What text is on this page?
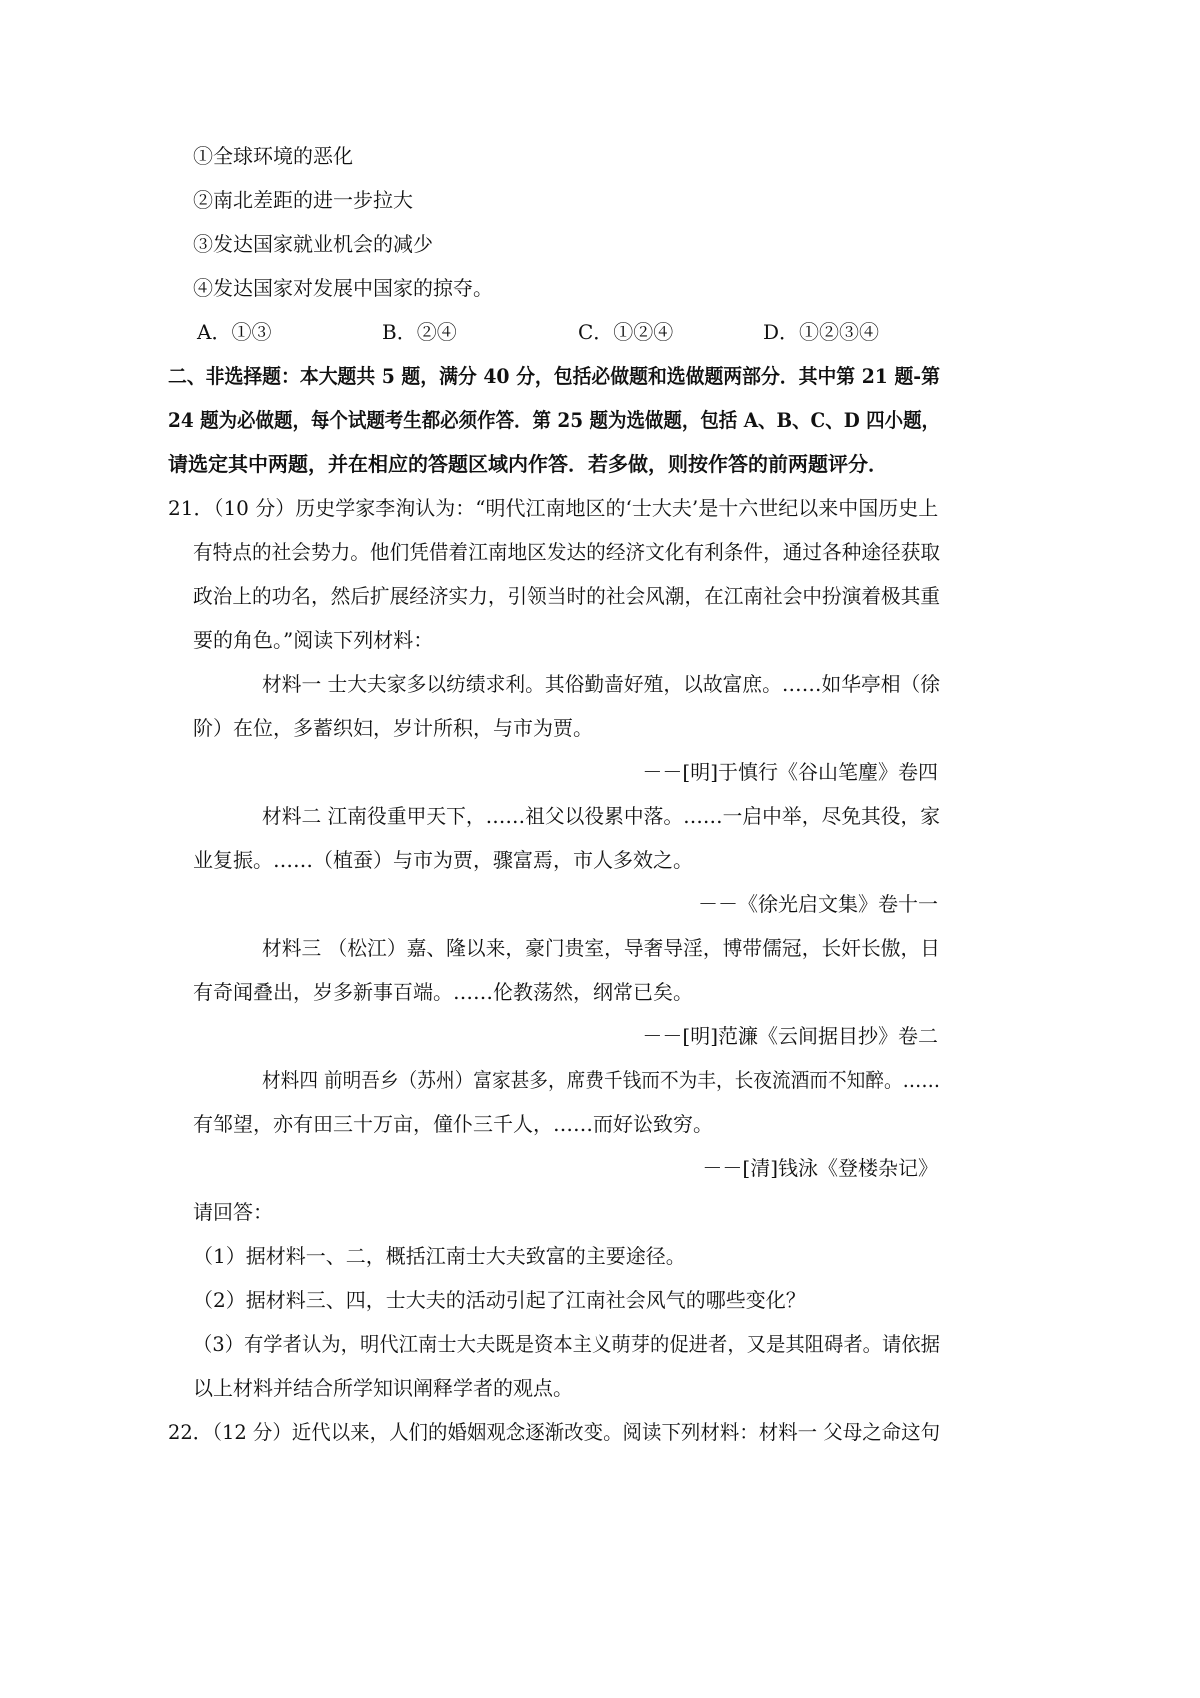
①全球环境的恶化
②南北差距的进一步拉大
③发达国家就业机会的减少
④发达国家对发展中国家的掠夺。
A．①③	B．②④	C．①②④	D．①②③④
二、非选择题：本大题共 5 题，满分 40 分，包括必做题和选做题两部分．其中第 21 题-第
24 题为必做题，每个试题考生都必须作答．第 25 题为选做题，包括 A、B、C、D 四小题，
请选定其中两题，并在相应的答题区域内作答．若多做，则按作答的前两题评分．
21．（10 分）历史学家李洵认为：“明代江南地区的‘士大夫’是十六世纪以来中国历史上
有特点的社会势力。他们凭借着江南地区发达的经济文化有利条件，通过各种途径获取
政治上的功名，然后扩展经济实力，引领当时的社会风潮，在江南社会中扮演着极其重
要的角色。”阅读下列材料：
材料一 士大夫家多以纺绩求利。其俗勤啬好殖，以故富庶。……如华亭相（徐
阶）在位，多蓄织妇，岁计所积，与市为贾。
－－[明]于慎行《谷山笔麈》卷四
材料二 江南役重甲天下，……祖父以役累中落。……一启中举，尽免其役，家
业复振。……（植蚕）与市为贾，骤富焉，市人多效之。
－－《徐光启文集》卷十一
材料三 （松江）嘉、隆以来，豪门贵室，导奢导淫，博带儒冠，长奸长傲，日
有奇闻叠出，岁多新事百端。……伦教荡然，纲常已矣。
－－[明]范濂《云间据目抄》卷二
材料四 前明吾乡（苏州）富家甚多，席费千钱而不为丰，长夜流酒而不知醉。……
有邹望，亦有田三十万亩，僮仆三千人，……而好讼致穷。
－－[清]钱泳《登楼杂记》
请回答：
（1）据材料一、二，概括江南士大夫致富的主要途径。
（2）据材料三、四，士大夫的活动引起了江南社会风气的哪些变化？
（3）有学者认为，明代江南士大夫既是资本主义萌芽的促进者，又是其阻碍者。请依据
以上材料并结合所学知识阐释学者的观点。
22．（12 分）近代以来，人们的婚姻观念逐渐改变。阅读下列材料：材料一 父母之命这句
